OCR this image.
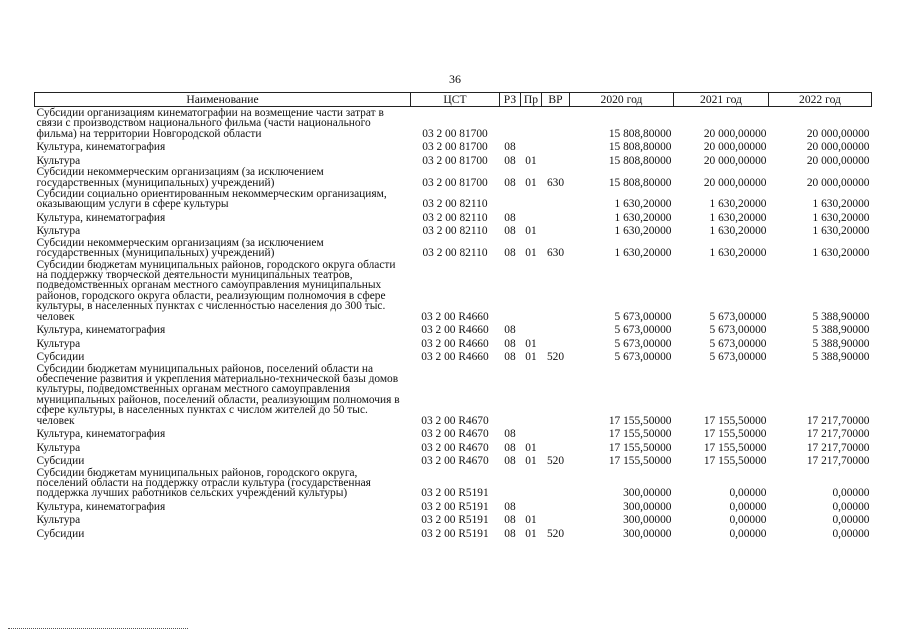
36
Наименование	ЦСТ	РЗ	Пр	ВР	2020 год	2021 год	2022 год
Субсидии организациям кинематографии на возмещение части затрат в связи с производством национального фильма (части национального фильма) на территории Новгородской области	03 2 00 81700				15 808,80000	20 000,00000	20 000,00000
Культура, кинематография	03 2 00 81700	08			15 808,80000	20 000,00000	20 000,00000
Культура	03 2 00 81700	08	01		15 808,80000	20 000,00000	20 000,00000
Субсидии некоммерческим организациям (за исключением государственных (муниципальных) учреждений)	03 2 00 81700	08	01	630	15 808,80000	20 000,00000	20 000,00000
Субсидии социально ориентированным некоммерческим организациям, оказывающим услуги в сфере культуры	03 2 00 82110				1 630,20000	1 630,20000	1 630,20000
Культура, кинематография	03 2 00 82110	08			1 630,20000	1 630,20000	1 630,20000
Культура	03 2 00 82110	08	01		1 630,20000	1 630,20000	1 630,20000
Субсидии некоммерческим организациям (за исключением государственных (муниципальных) учреждений)	03 2 00 82110	08	01	630	1 630,20000	1 630,20000	1 630,20000
Субсидии бюджетам муниципальных районов, городского округа области на поддержку творческой деятельности муниципальных театров, подведомственных органам местного самоуправления муниципальных районов, городского округа области, реализующим полномочия в сфере культуры, в населенных пунктах с численностью населения до 300 тыс. человек	03 2 00 R4660				5 673,00000	5 673,00000	5 388,90000
Культура, кинематография	03 2 00 R4660	08			5 673,00000	5 673,00000	5 388,90000
Культура	03 2 00 R4660	08	01		5 673,00000	5 673,00000	5 388,90000
Субсидии	03 2 00 R4660	08	01	520	5 673,00000	5 673,00000	5 388,90000
Субсидии бюджетам муниципальных районов, поселений области на обеспечение развития и укрепления материально-технической базы домов культуры, подведомственных органам местного самоуправления муниципальных районов, поселений области, реализующим полномочия в сфере культуры, в населенных пунктах с числом жителей до 50 тыс. человек	03 2 00 R4670				17 155,50000	17 155,50000	17 217,70000
Культура, кинематография	03 2 00 R4670	08			17 155,50000	17 155,50000	17 217,70000
Культура	03 2 00 R4670	08	01		17 155,50000	17 155,50000	17 217,70000
Субсидии	03 2 00 R4670	08	01	520	17 155,50000	17 155,50000	17 217,70000
Субсидии бюджетам муниципальных районов, городского округа, поселений области на поддержку отрасли культура (государственная поддержка лучших работников сельских учреждений культуры)	03 2 00 R5191				300,00000	0,00000	0,00000
Культура, кинематография	03 2 00 R5191	08			300,00000	0,00000	0,00000
Культура	03 2 00 R5191	08	01		300,00000	0,00000	0,00000
Субсидии	03 2 00 R5191	08	01	520	300,00000	0,00000	0,00000
